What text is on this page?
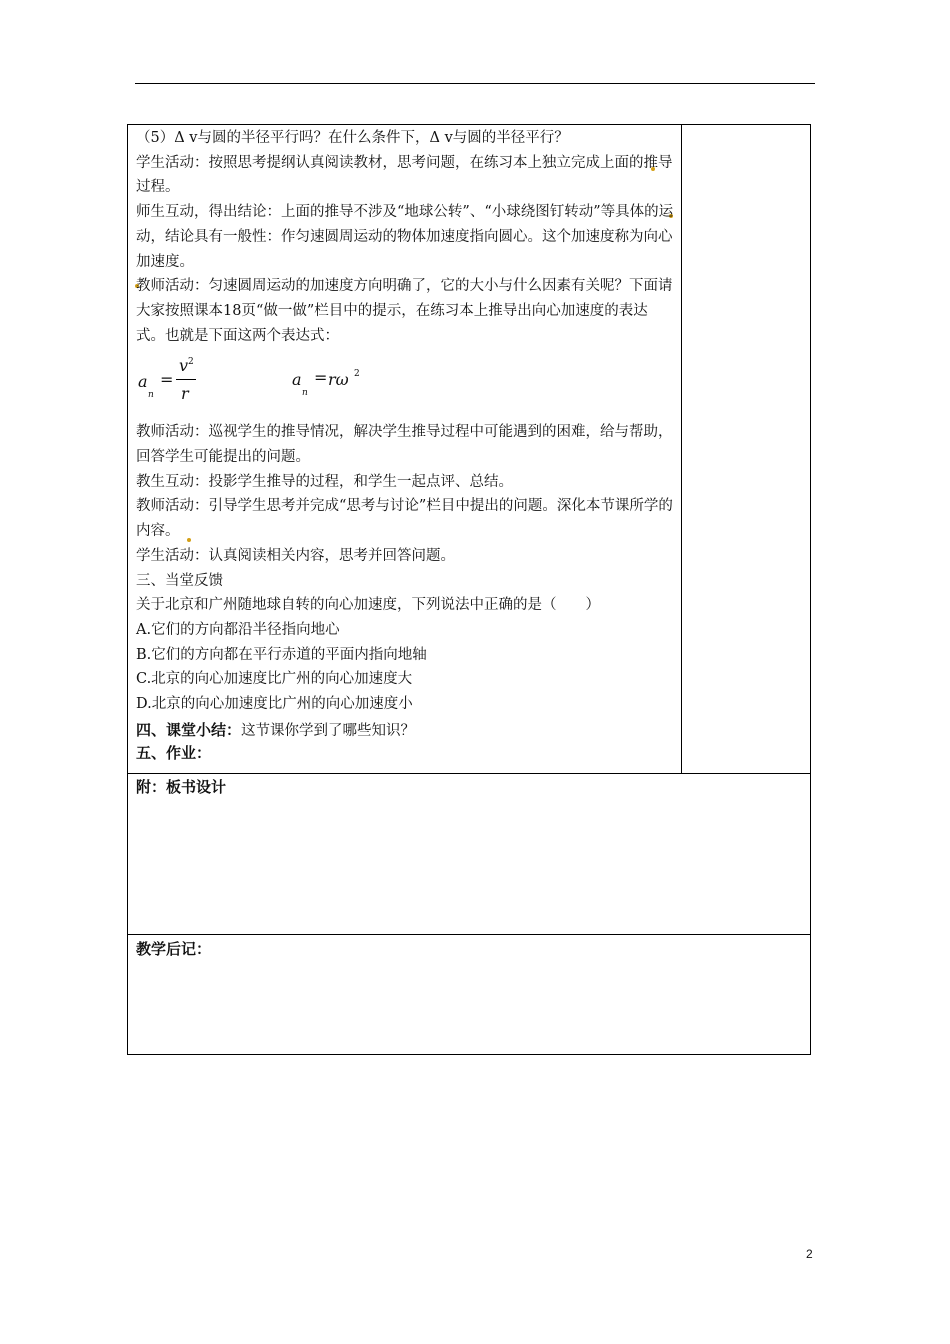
（5）Δ v与圆的半径平行吗？在什么条件下，Δ v与圆的半径平行？

学生活动：按照思考提纲认真阅读教材，思考问题，在练习本上独立完成上面的推导过程。

师生互动，得出结论：上面的推导不涉及“地球公转”、“小球绕图钉转动”等具体的运动，结论具有一般性：作匀速圆周运动的物体加速度指向圆心。这个加速度称为向心加速度。

教师活动：匀速圆周运动的加速度方向明确了，它的大小与什么因素有关呢？下面请大家按照课本18页“做一做”栏目中的提示，在练习本上推导出向心加速度的表达式。也就是下面这两个表达式：

a
n
=
v 2
r
a
n
= rω 2

教师活动：巡视学生的推导情况，解决学生推导过程中可能遇到的困难，给与帮助，回答学生可能提出的问题。

教生互动：投影学生推导的过程，和学生一起点评、总结。

教师活动：引导学生思考并完成“思考与讨论”栏目中提出的问题。深化本节课所学的内容。

学生活动：认真阅读相关内容，思考并回答问题。

三、当堂反馈

关于北京和广州随地球自转的向心加速度，下列说法中正确的是（　　）

A.它们的方向都沿半径指向地心

B.它们的方向都在平行赤道的平面内指向地轴

C.北京的向心加速度比广州的向心加速度大

D.北京的向心加速度比广州的向心加速度小

四、课堂小结：这节课你学到了哪些知识？

五、作业：

附：板书设计
教学后记：
2
